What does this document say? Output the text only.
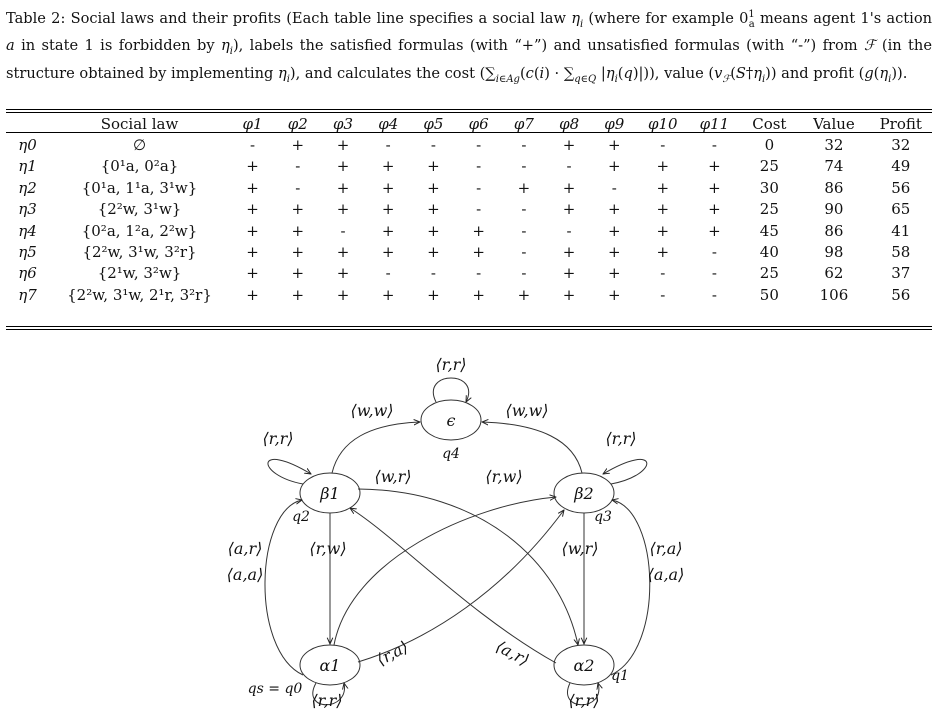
Table 2: Social laws and their profits (Each table line specifies a social law $\eta_i$ (where for example $0^1_a$ means agent 1's action a in state 1 is forbidden by $\eta_i$), labels the satisfied formulas (with “+”) and unsatisfied formulas (with “-”) from ℱ (in the structure obtained by implementing $\eta_i$), and calculates the cost ($\sum_{i\in Ag}(c(i) \cdot \sum_{q\in Q}$ $|\eta_i(q)|$)), value $(v_ℱ(S\dagger\eta_i))$ and profit $(g(\eta_i))$.
	Social law	φ1	φ2	φ3	φ4	φ5	φ6	φ7	φ8	φ9	φ10	φ11	Cost	Value	Profit
η0	∅	-	+	+	-	-	-	-	+	+	-	-	0	32	32
η1	{0¹a, 0²a}	+	-	+	+	+	-	-	-	+	+	+	25	74	49
η2	{0¹a, 1¹a, 3¹w}	+	-	+	+	+	-	+	+	-	+	+	30	86	56
η3	{2²w, 3¹w}	+	+	+	+	+	-	-	+	+	+	+	25	90	65
η4	{0²a, 1²a, 2²w}	+	+	-	+	+	+	-	-	+	+	+	45	86	41
η5	{2²w, 3¹w, 3²r}	+	+	+	+	+	+	-	+	+	+	-	40	98	58
η6	{2¹w, 3²w}	+	+	+	-	-	-	-	+	+	-	-	25	62	37
η7	{2²w, 3¹w, 2¹r, 3²r}	+	+	+	+	+	+	+	+	+	-	-	50	106	56
ϵ
β1	β2
α1	α2
q4
q2	q3
qs = q0
q1
⟨r,r⟩
⟨r,r⟩	⟨r,r⟩
⟨r,r⟩	⟨r,r⟩
⟨w,w⟩	⟨w,w⟩
⟨w,r⟩	⟨r,w⟩
⟨r,w⟩	⟨w,r⟩
⟨a,r⟩
⟨a,a⟩
⟨r,a⟩
⟨a,a⟩
⟨r,a⟩	⟨a,r⟩
